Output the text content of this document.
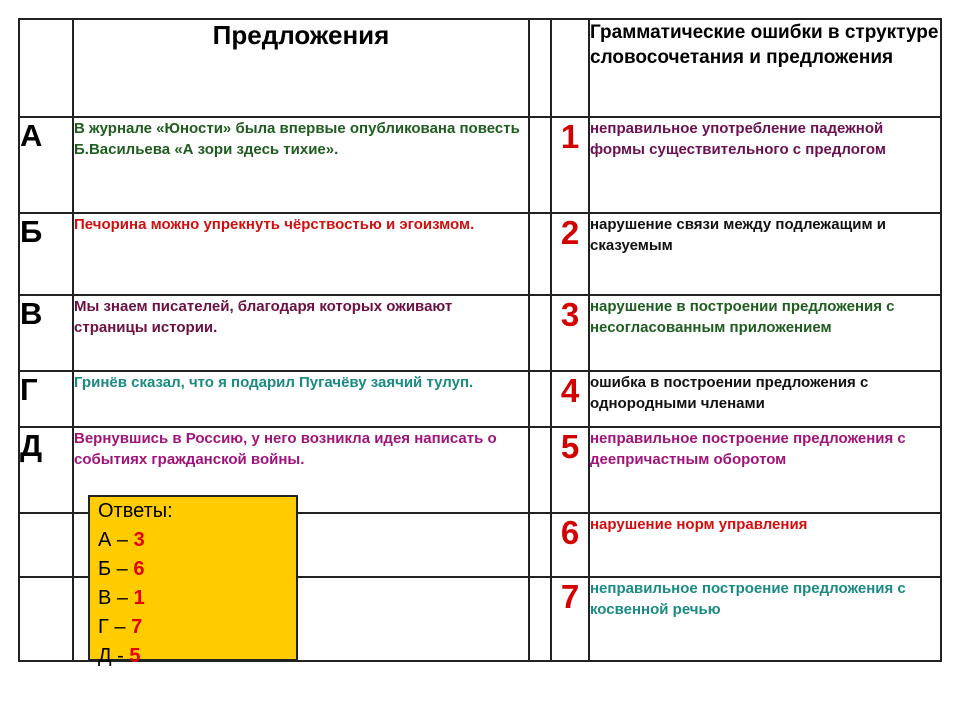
	Предложения			Грамматические ошибки в структуре словосочетания и предложения
А	В журнале «Юности» была впервые опубликована повесть Б.Васильева «А зори здесь тихие».		1	неправильное употребление падежной формы существительного с предлогом
Б	Печорина можно упрекнуть чёрствостью и эгоизмом.		2	нарушение связи между подлежащим и сказуемым
В	Мы знаем писателей, благодаря которых оживают страницы истории.		3	нарушение в построении предложения с несогласованным приложением
Г	Гринёв сказал, что я подарил Пугачёву заячий тулуп.		4	ошибка в построении предложения с однородными членами
Д	Вернувшись в Россию, у него возникла идея написать о событиях гражданской войны.		5	неправильное построение предложения с деепричастным оборотом
			6	нарушение норм управления
			7	неправильное построение предложения с косвенной речью
Ответы:
А – 3
Б – 6
В – 1
Г – 7
Д - 5
